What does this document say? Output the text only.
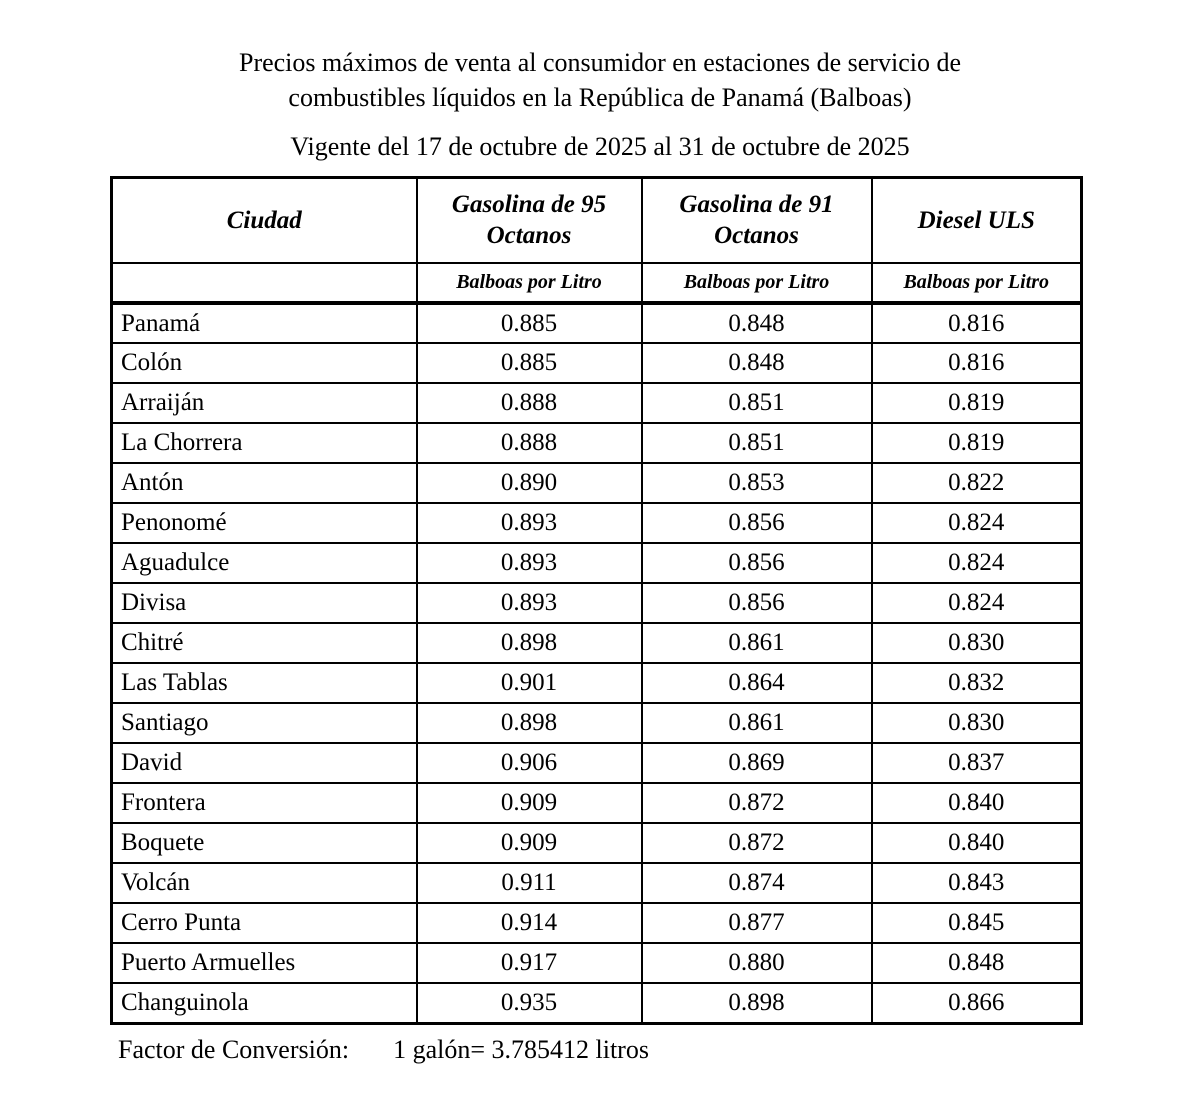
Precios máximos de venta al consumidor en estaciones de servicio de combustibles líquidos en la República de Panamá (Balboas)
Vigente del 17 de octubre de 2025 al 31 de octubre de 2025
Ciudad	Gasolina de 95 Octanos	Gasolina de 91 Octanos	Diesel ULS
	Balboas por Litro	Balboas por Litro	Balboas por Litro
Panamá	0.885	0.848	0.816
Colón	0.885	0.848	0.816
Arraiján	0.888	0.851	0.819
La Chorrera	0.888	0.851	0.819
Antón	0.890	0.853	0.822
Penonomé	0.893	0.856	0.824
Aguadulce	0.893	0.856	0.824
Divisa	0.893	0.856	0.824
Chitré	0.898	0.861	0.830
Las Tablas	0.901	0.864	0.832
Santiago	0.898	0.861	0.830
David	0.906	0.869	0.837
Frontera	0.909	0.872	0.840
Boquete	0.909	0.872	0.840
Volcán	0.911	0.874	0.843
Cerro Punta	0.914	0.877	0.845
Puerto Armuelles	0.917	0.880	0.848
Changuinola	0.935	0.898	0.866
Factor de Conversión: 1 galón= 3.785412 litros
